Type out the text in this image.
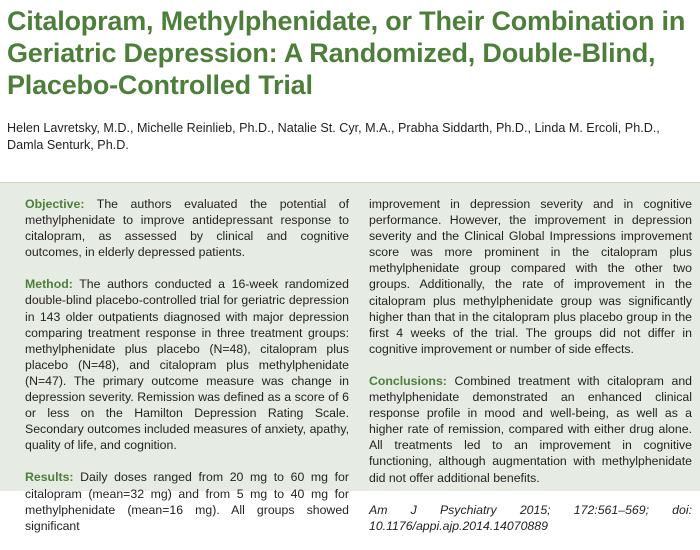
Citalopram, Methylphenidate, or Their Combination in Geriatric Depression: A Randomized, Double-Blind, Placebo-Controlled Trial

Helen Lavretsky, M.D., Michelle Reinlieb, Ph.D., Natalie St. Cyr, M.A., Prabha Siddarth, Ph.D., Linda M. Ercoli, Ph.D., Damla Senturk, Ph.D.

Objective: The authors evaluated the potential of methylphenidate to improve antidepressant response to citalopram, as assessed by clinical and cognitive outcomes, in elderly depressed patients.

Method: The authors conducted a 16-week randomized double-blind placebo-controlled trial for geriatric depression in 143 older outpatients diagnosed with major depression comparing treatment response in three treatment groups: methylphenidate plus placebo (N=48), citalopram plus placebo (N=48), and citalopram plus methylphenidate (N=47). The primary outcome measure was change in depression severity. Remission was defined as a score of 6 or less on the Hamilton Depression Rating Scale. Secondary outcomes included measures of anxiety, apathy, quality of life, and cognition.

Results: Daily doses ranged from 20 mg to 60 mg for citalopram (mean=32 mg) and from 5 mg to 40 mg for methylphenidate (mean=16 mg). All groups showed significant

improvement in depression severity and in cognitive performance. However, the improvement in depression severity and the Clinical Global Impressions improvement score was more prominent in the citalopram plus methylphenidate group compared with the other two groups. Additionally, the rate of improvement in the citalopram plus methylphenidate group was significantly higher than that in the citalopram plus placebo group in the first 4 weeks of the trial. The groups did not differ in cognitive improvement or number of side effects.

Conclusions: Combined treatment with citalopram and methylphenidate demonstrated an enhanced clinical response profile in mood and well-being, as well as a higher rate of remission, compared with either drug alone. All treatments led to an improvement in cognitive functioning, although augmentation with methylphenidate did not offer additional benefits.

Am J Psychiatry 2015; 172:561–569; doi: 10.1176/appi.ajp.2014.14070889
